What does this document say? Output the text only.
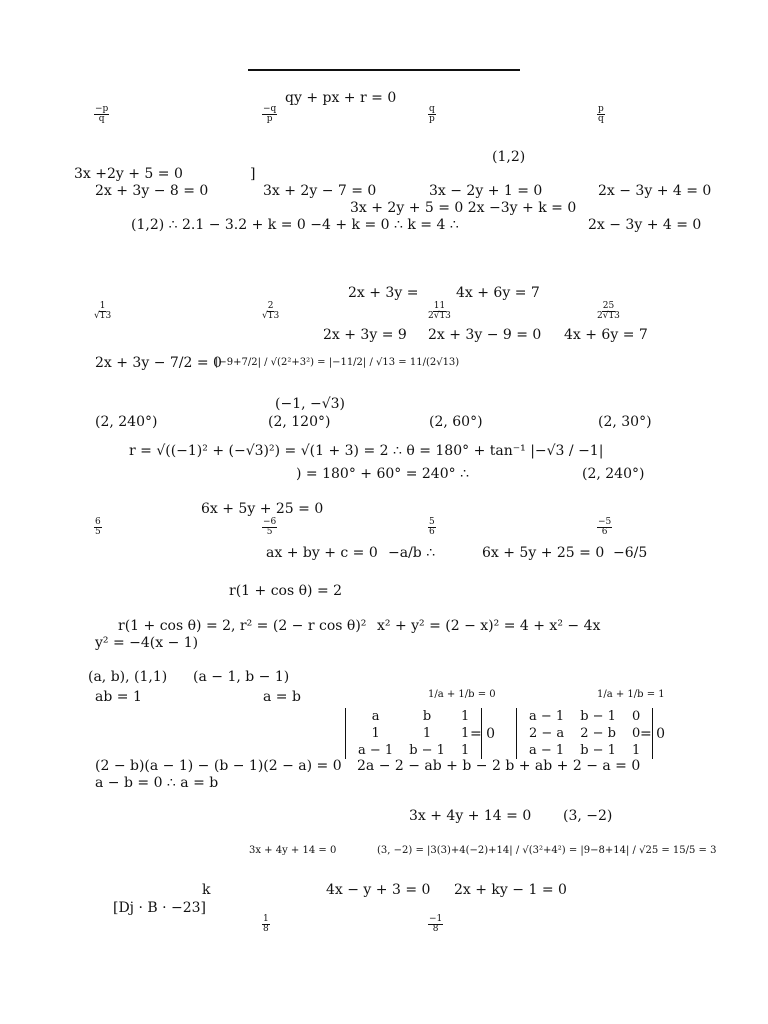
qy + px + r = 0
$\frac{-p}{q}$	$\frac{-q}{p}$	$\frac{q}{p}$	$\frac{p}{q}$
(1,2)
3x +2y + 5 = 0	]
2x + 3y − 8 = 0	3x + 2y − 7 = 0	3x − 2y + 1 = 0	2x − 3y + 4 = 0
3x + 2y + 5 = 0 2x −3y + k = 0
(1,2) ∴ 2.1 − 3.2 + k = 0 −4 + k = 0 ∴ k = 4 ∴	2x − 3y + 4 = 0
2x + 3y =	4x + 6y = 7
$\frac{1}{√13}$	$\frac{2}{√13}$	$\frac{11}{2√13}$	$\frac{25}{2√13}$
2x + 3y = 9 2x + 3y − 9 = 0 4x + 6y = 7
2x + 3y − 7/2 = 0
|−9+7/2| / √(2²+3²) = |−11/2| / √13 = 11/(2√13)
(−1, −√3)
(2, 240°)	(2, 120°)	(2, 60°)	(2, 30°)
r = √((−1)² + (−√3)²) = √(1 + 3) = 2 ∴ θ = 180° + tan⁻¹ |−√3 / −1|
) = 180° + 60° = 240° ∴	(2, 240°)
6x + 5y + 25 = 0
$\frac{6}{5}$	$\frac{-6}{5}$	$\frac{5}{6}$	$\frac{-5}{6}$
ax + by + c = 0 −a/b ∴	6x + 5y + 25 = 0 −6/5
r(1 + cos θ) = 2
r(1 + cos θ) = 2, r² = (2 − r cos θ)² x² + y² = (2 − x)² = 4 + x² − 4x
y² = −4(x − 1)
(a, b), (1,1) (a − 1, b − 1)
ab = 1	a = b	1/a + 1/b = 0	1/a + 1/b = 1
a	b	1
1	1	1
a − 1	b − 1	1
= 0
a − 1	b − 1	0
2 − a	2 − b	0
a − 1	b − 1	1
= 0
(2 − b)(a − 1) − (b − 1)(2 − a) = 0 2a − 2 − ab + b − 2 b + ab + 2 − a = 0
a − b = 0 ∴ a = b
3x + 4y + 14 = 0 (3, −2)
3x + 4y + 14 = 0	(3, −2) = |3(3)+4(−2)+14| / √(3²+4²) = |9−8+14| / √25 = 15/5 = 3
k	4x − y + 3 = 0 2x + ky − 1 = 0
[Dj · B · −23]
$\frac{1}{8}$	$\frac{-1}{8}$
